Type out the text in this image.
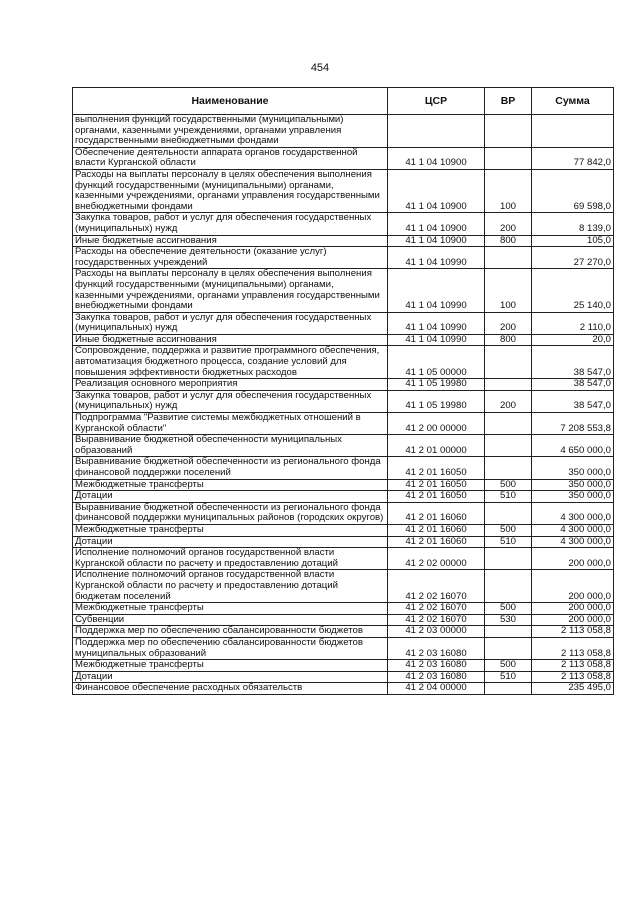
454
Наименование	ЦСР	ВР	Сумма
выполнения функций государственными (муниципальными) органами, казенными учреждениями, органами управления государственными внебюджетными фондами			
Обеспечение деятельности аппарата органов государственной власти Курганской области	41 1 04 10900		77 842,0
Расходы на выплаты персоналу в целях обеспечения выполнения функций государственными (муниципальными) органами, казенными учреждениями, органами управления государственными внебюджетными фондами	41 1 04 10900	100	69 598,0
Закупка товаров, работ и услуг для обеспечения государственных (муниципальных) нужд	41 1 04 10900	200	8 139,0
Иные бюджетные ассигнования	41 1 04 10900	800	105,0
Расходы на обеспечение деятельности (оказание услуг) государственных учреждений	41 1 04 10990		27 270,0
Расходы на выплаты персоналу в целях обеспечения выполнения функций государственными (муниципальными) органами, казенными учреждениями, органами управления государственными внебюджетными фондами	41 1 04 10990	100	25 140,0
Закупка товаров, работ и услуг для обеспечения государственных (муниципальных) нужд	41 1 04 10990	200	2 110,0
Иные бюджетные ассигнования	41 1 04 10990	800	20,0
Сопровождение, поддержка и развитие программного обеспечения, автоматизация бюджетного процесса, создание условий для повышения эффективности бюджетных расходов	41 1 05 00000		38 547,0
Реализация основного мероприятия	41 1 05 19980		38 547,0
Закупка товаров, работ и услуг для обеспечения государственных (муниципальных) нужд	41 1 05 19980	200	38 547,0
Подпрограмма "Развитие системы межбюджетных отношений в Курганской области"	41 2 00 00000		7 208 553,8
Выравнивание бюджетной обеспеченности муниципальных образований	41 2 01 00000		4 650 000,0
Выравнивание бюджетной обеспеченности из регионального фонда финансовой поддержки поселений	41 2 01 16050		350 000,0
Межбюджетные трансферты	41 2 01 16050	500	350 000,0
Дотации	41 2 01 16050	510	350 000,0
Выравнивание бюджетной обеспеченности из регионального фонда финансовой поддержки муниципальных районов (городских округов)	41 2 01 16060		4 300 000,0
Межбюджетные трансферты	41 2 01 16060	500	4 300 000,0
Дотации	41 2 01 16060	510	4 300 000,0
Исполнение полномочий органов государственной власти Курганской области по расчету и предоставлению дотаций	41 2 02 00000		200 000,0
Исполнение полномочий органов государственной власти Курганской области по расчету и предоставлению дотаций бюджетам поселений	41 2 02 16070		200 000,0
Межбюджетные трансферты	41 2 02 16070	500	200 000,0
Субвенции	41 2 02 16070	530	200 000,0
Поддержка мер по обеспечению сбалансированности бюджетов	41 2 03 00000		2 113 058,8
Поддержка мер по обеспечению сбалансированности бюджетов муниципальных образований	41 2 03 16080		2 113 058,8
Межбюджетные трансферты	41 2 03 16080	500	2 113 058,8
Дотации	41 2 03 16080	510	2 113 058,8
Финансовое обеспечение расходных обязательств	41 2 04 00000		235 495,0
